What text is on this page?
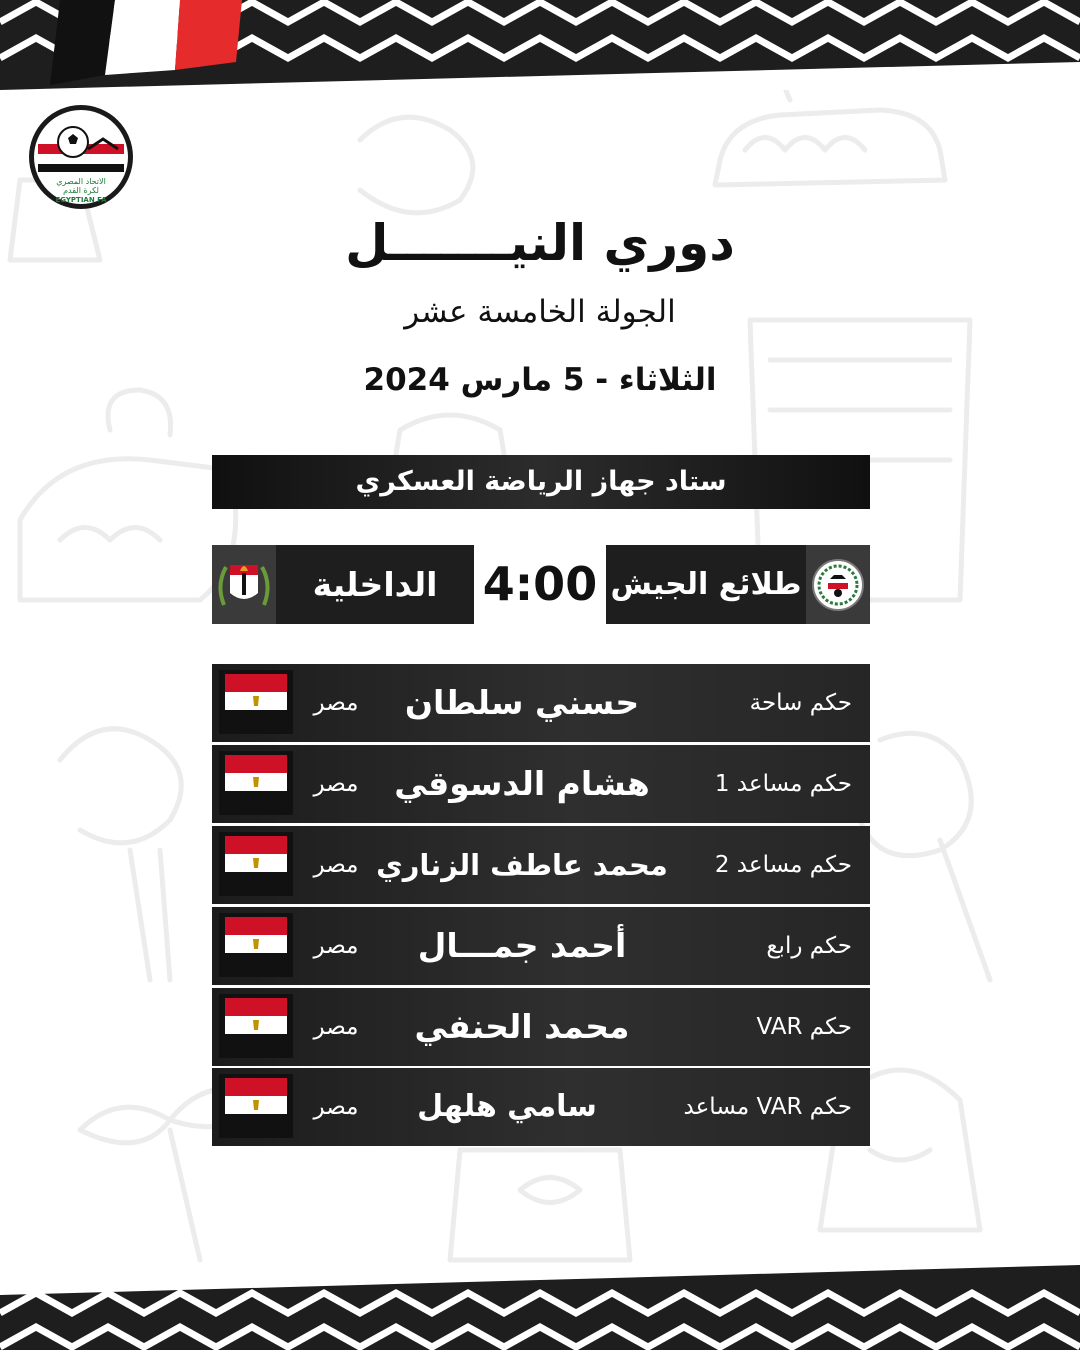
الاتحاد المصري
لكرة القدم
EGYPTIAN FA
دوري النيـــــــل
الجولة الخامسة عشر
الثلاثاء - 5 مارس 2024
ستاد جهاز الرياضة العسكري
الداخلية 4:00 طلائع الجيش
مصر	حسني سلطان	حكم ساحة
مصر	هشام الدسوقي	حكم مساعد 1
مصر محمد عاطف الزناري	حكم مساعد 2
مصر	أحمد جمـــال	حكم رابع
مصر	محمد الحنفي	حكم VAR
مصر	سامي هلهل	حكم VAR مساعد
